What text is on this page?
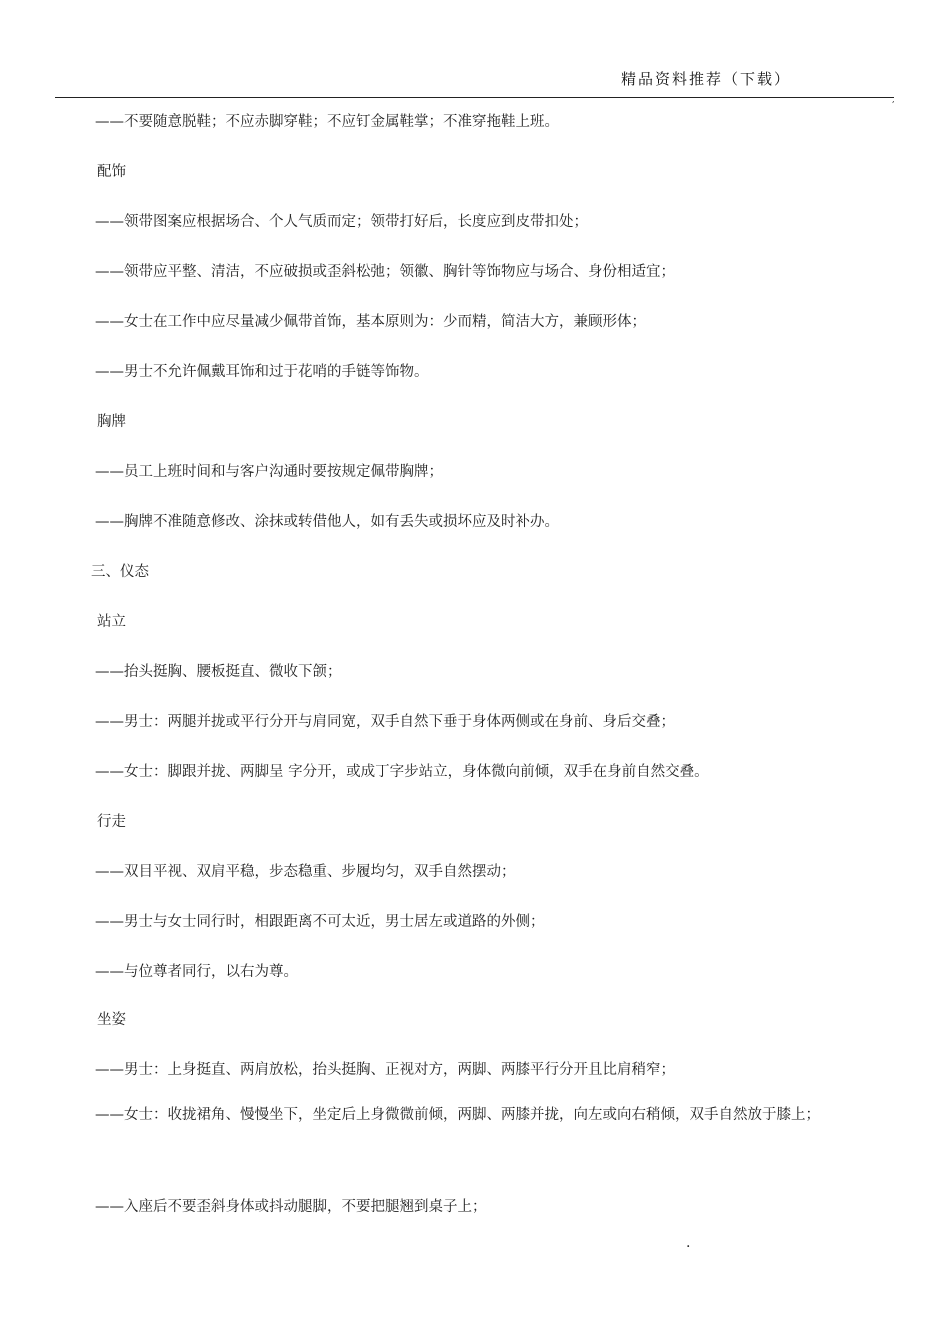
精品资料推荐（下载）
,
——不要随意脱鞋；不应赤脚穿鞋；不应钉金属鞋掌；不准穿拖鞋上班。
配饰
——领带图案应根据场合、个人气质而定；领带打好后，长度应到皮带扣处；
——领带应平整、清洁，不应破损或歪斜松弛；领徽、胸针等饰物应与场合、身份相适宜；
——女士在工作中应尽量减少佩带首饰，基本原则为：少而精，简洁大方，兼顾形体；
——男士不允许佩戴耳饰和过于花哨的手链等饰物。
胸牌
——员工上班时间和与客户沟通时要按规定佩带胸牌；
——胸牌不准随意修改、涂抹或转借他人，如有丢失或损坏应及时补办。
三、仪态
站立
——抬头挺胸、腰板挺直、微收下颌；
——男士：两腿并拢或平行分开与肩同宽，双手自然下垂于身体两侧或在身前、身后交叠；
——女士：脚跟并拢、两脚呈 字分开，或成丁字步站立，身体微向前倾，双手在身前自然交叠。
行走
——双目平视、双肩平稳，步态稳重、步履均匀，双手自然摆动；
——男士与女士同行时，相跟距离不可太近，男士居左或道路的外侧；
——与位尊者同行，以右为尊。
坐姿
——男士：上身挺直、两肩放松，抬头挺胸、正视对方，两脚、两膝平行分开且比肩稍窄；
——女士：收拢裙角、慢慢坐下，坐定后上身微微前倾，两脚、两膝并拢，向左或向右稍倾，双手自然放于膝上；
——入座后不要歪斜身体或抖动腿脚，不要把腿翘到桌子上；
.
